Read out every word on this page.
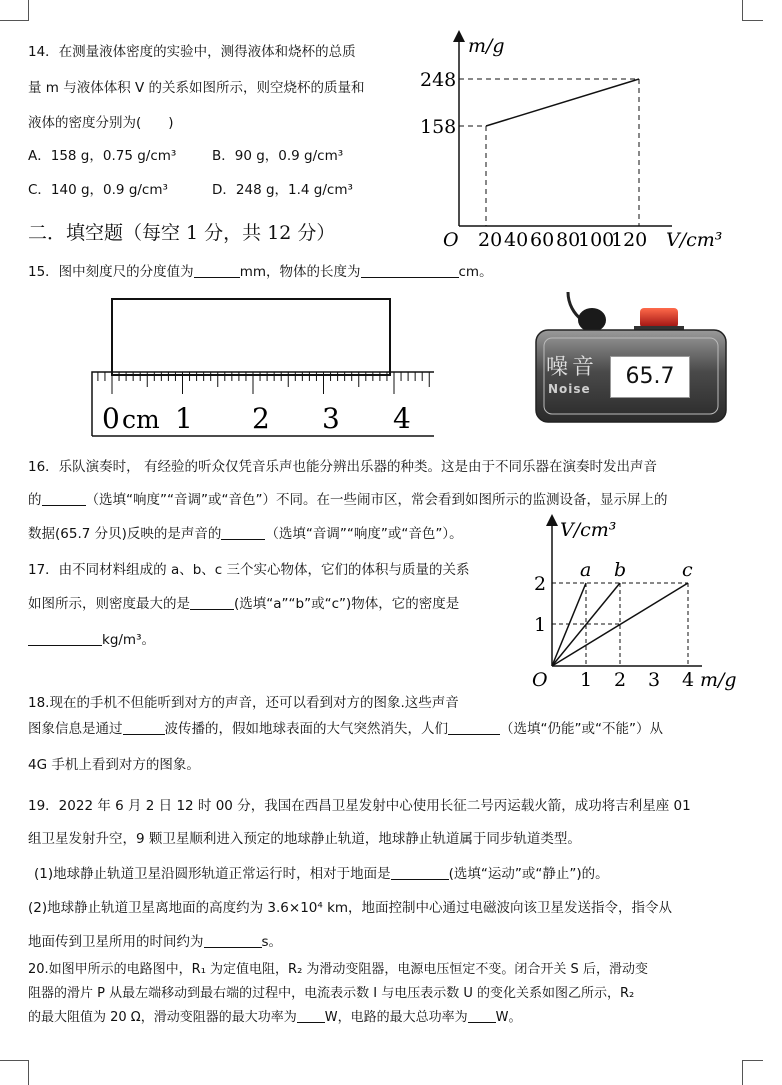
14．在测量液体密度的实验中，测得液体和烧杯的总质
量 m 与液体体积 V 的关系如图所示，则空烧杯的质量和
液体的密度分别为(　　)
A．158 g，0.75 g/cm³	B．90 g，0.9 g/cm³
C．140 g，0.9 g/cm³	D．248 g，1.4 g/cm³
二．填空题（每空 1 分，共 12 分）
m/g
V/cm³
O
248
158
20 40 60 80
100
120
15．图中刻度尺的分度值为	mm，物体的长度为	cm。
0 cm 1 2 3 4
噪音
Noise	65.7
16．乐队演奏时， 有经验的听众仅凭音乐声也能分辨出乐器的种类。这是由于不同乐器在演奏时发出声音
的	（选填“响度”“音调”或“音色”）不同。在一些闹市区，常会看到如图所示的监测设备，显示屏上的
数据(65.7 分贝)反映的是声音的	（选填“音调”“响度”或“音色”）。
17．由不同材料组成的 a、b、c 三个实心物体，它们的体积与质量的关系
如图所示，则密度最大的是	(选填“a”“b”或“c”)物体，它的密度是
kg/m³。
V/cm³
m/g
O
2
1
1 2 3 4
a b	c
18.现在的手机不但能听到对方的声音，还可以看到对方的图象.这些声音
图象信息是通过	波传播的，假如地球表面的大气突然消失，人们	（选填“仍能”或“不能”）从
4G 手机上看到对方的图象。
19．2022 年 6 月 2 日 12 时 00 分，我国在西昌卫星发射中心使用长征二号丙运载火箭，成功将吉利星座 01
组卫星发射升空，9 颗卫星顺利进入预定的地球静止轨道，地球静止轨道属于同步轨道类型。
(1)地球静止轨道卫星沿圆形轨道正常运行时，相对于地面是	(选填“运动”或“静止”)的。
(2)地球静止轨道卫星离地面的高度约为 3.6×10⁴ km，地面控制中心通过电磁波向该卫星发送指令，指令从
地面传到卫星所用的时间约为	s。
20.如图甲所示的电路图中，R₁ 为定值电阻，R₂ 为滑动变阻器，电源电压恒定不变。闭合开关 S 后，滑动变
阻器的滑片 P 从最左端移动到最右端的过程中，电流表示数 I 与电压表示数 U 的变化关系如图乙所示，R₂
的最大阻值为 20 Ω，滑动变阻器的最大功率为 W，电路的最大总功率为 W。
